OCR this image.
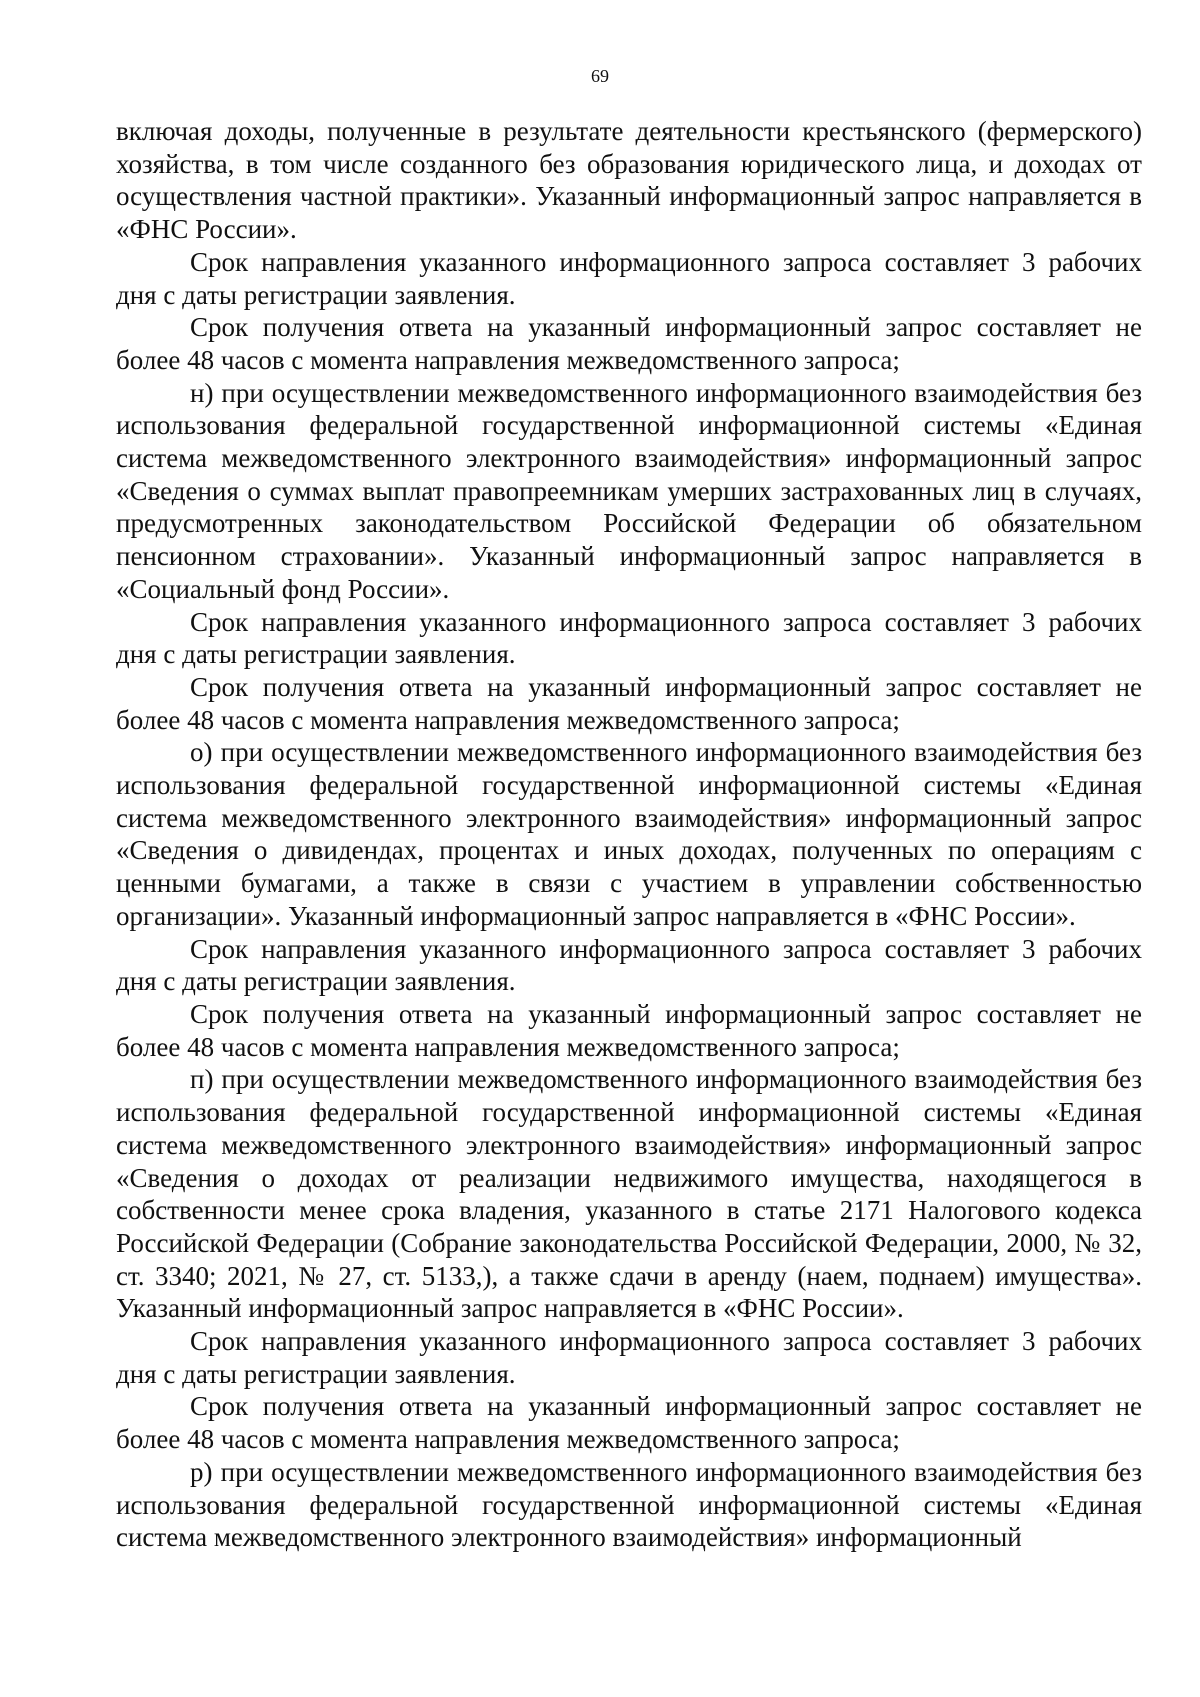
69

включая доходы, полученные в результате деятельности крестьянского (фермерского) хозяйства, в том числе созданного без образования юридического лица, и доходах от осуществления частной практики». Указанный информационный запрос направляется в «ФНС России».

Срок направления указанного информационного запроса составляет 3 рабочих дня с даты регистрации заявления.

Срок получения ответа на указанный информационный запрос составляет не более 48 часов с момента направления межведомственного запроса;

н) при осуществлении межведомственного информационного взаимодействия без использования федеральной государственной информационной системы «Единая система межведомственного электронного взаимодействия» информационный запрос «Сведения о суммах выплат правопреемникам умерших застрахованных лиц в случаях, предусмотренных законодательством Российской Федерации об обязательном пенсионном страховании». Указанный информационный запрос направляется в «Социальный фонд России».

Срок направления указанного информационного запроса составляет 3 рабочих дня с даты регистрации заявления.

Срок получения ответа на указанный информационный запрос составляет не более 48 часов с момента направления межведомственного запроса;

о) при осуществлении межведомственного информационного взаимодействия без использования федеральной государственной информационной системы «Единая система межведомственного электронного взаимодействия» информационный запрос «Сведения о дивидендах, процентах и иных доходах, полученных по операциям с ценными бумагами, а также в связи с участием в управлении собственностью организации». Указанный информационный запрос направляется в «ФНС России».

Срок направления указанного информационного запроса составляет 3 рабочих дня с даты регистрации заявления.

Срок получения ответа на указанный информационный запрос составляет не более 48 часов с момента направления межведомственного запроса;

п) при осуществлении межведомственного информационного взаимодействия без использования федеральной государственной информационной системы «Единая система межведомственного электронного взаимодействия» информационный запрос «Сведения о доходах от реализации недвижимого имущества, находящегося в собственности менее срока владения, указанного в статье 2171 Налогового кодекса Российской Федерации (Собрание законодательства Российской Федерации, 2000, № 32, ст. 3340; 2021, № 27, ст. 5133,), а также сдачи в аренду (наем, поднаем) имущества». Указанный информационный запрос направляется в «ФНС России».

Срок направления указанного информационного запроса составляет 3 рабочих дня с даты регистрации заявления.

Срок получения ответа на указанный информационный запрос составляет не более 48 часов с момента направления межведомственного запроса;

р) при осуществлении межведомственного информационного взаимодействия без использования федеральной государственной информационной системы «Единая система межведомственного электронного взаимодействия» информационный
